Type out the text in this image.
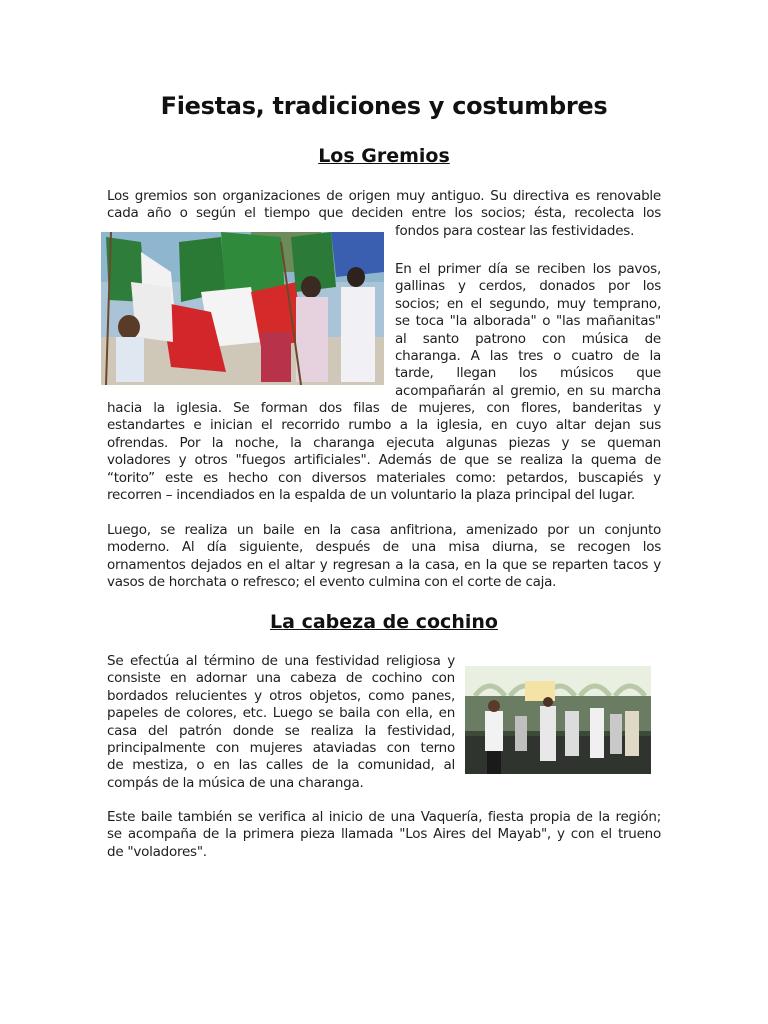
Fiestas, tradiciones y costumbres
Los Gremios
Los gremios son organizaciones de origen muy antiguo. Su directiva es renovable
cada año o según el tiempo que deciden entre los socios; ésta, recolecta los
fondos para costear las festividades.
En el primer día se reciben los pavos,
gallinas y cerdos, donados por los
socios; en el segundo, muy temprano,
se toca "la alborada" o "las mañanitas"
al santo patrono con música de
charanga. A las tres o cuatro de la
tarde, llegan los músicos que
acompañarán al gremio, en su marcha
hacia la iglesia. Se forman dos filas de mujeres, con flores, banderitas y
estandartes e inician el recorrido rumbo a la iglesia, en cuyo altar dejan sus
ofrendas. Por la noche, la charanga ejecuta algunas piezas y se queman
voladores y otros "fuegos artificiales". Además de que se realiza la quema de
“torito” este es hecho con diversos materiales como: petardos, buscapiés y
recorren – incendiados en la espalda de un voluntario la plaza principal del lugar.
Luego, se realiza un baile en la casa anfitriona, amenizado por un conjunto
moderno. Al día siguiente, después de una misa diurna, se recogen los
ornamentos dejados en el altar y regresan a la casa, en la que se reparten tacos y
vasos de horchata o refresco; el evento culmina con el corte de caja.
La cabeza de cochino
Se efectúa al término de una festividad religiosa y
consiste en adornar una cabeza de cochino con
bordados relucientes y otros objetos, como panes,
papeles de colores, etc. Luego se baila con ella, en
casa del patrón donde se realiza la festividad,
principalmente con mujeres ataviadas con terno
de mestiza, o en las calles de la comunidad, al
compás de la música de una charanga.
Este baile también se verifica al inicio de una Vaquería, fiesta propia de la región;
se acompaña de la primera pieza llamada "Los Aires del Mayab", y con el trueno
de "voladores".
